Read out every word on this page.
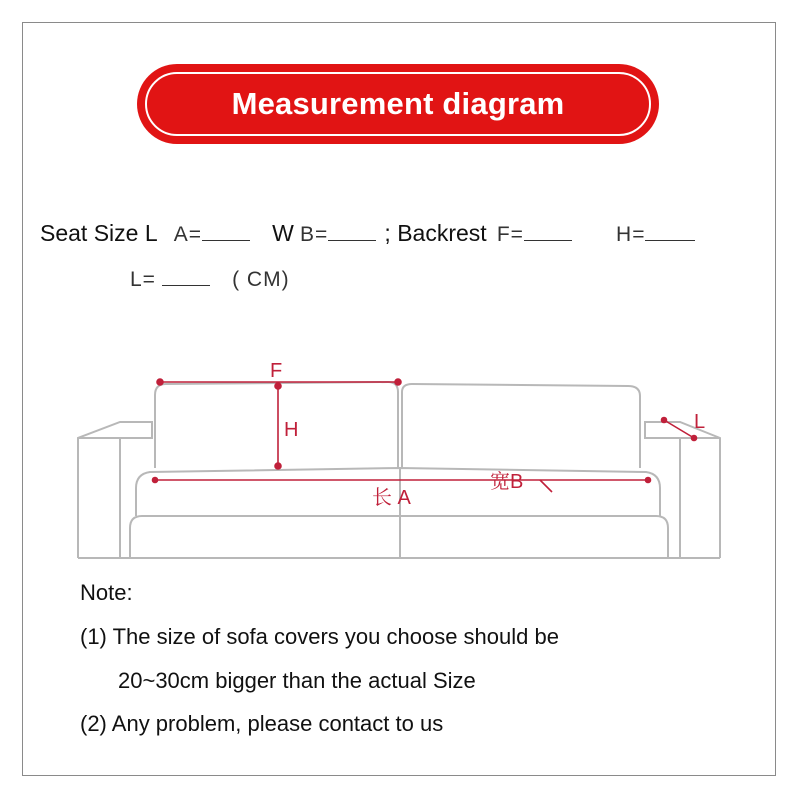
Measurement diagram
Seat Size L A=	W B= ; Backrest F=	H=
L=	( CM)
F
H	L
宽B
长 A
Note:
(1) The size of sofa covers you choose should be
20~30cm bigger than the actual Size
(2) Any problem, please contact to us
